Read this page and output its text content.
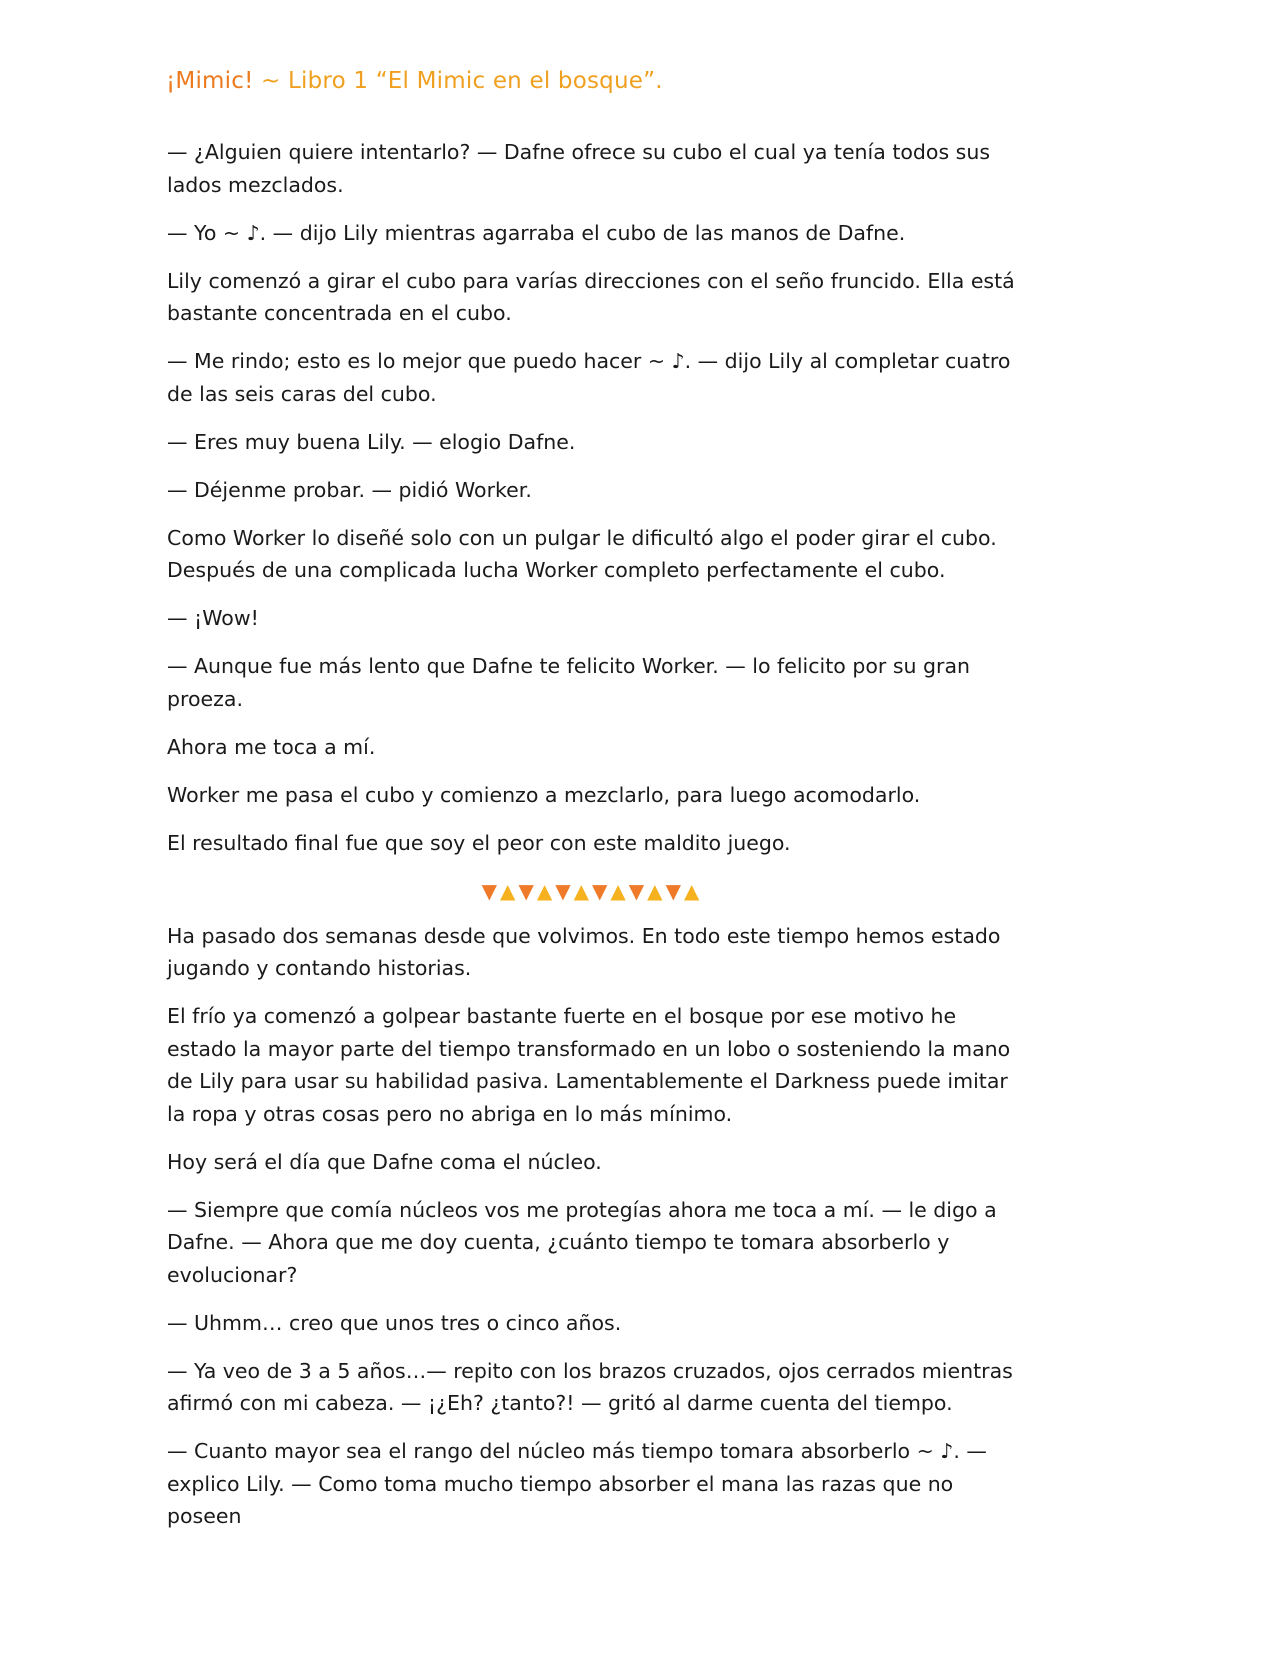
¡Mimic! ~ Libro 1 “El Mimic en el bosque”.

— ¿Alguien quiere intentarlo? — Dafne ofrece su cubo el cual ya tenía todos sus lados mezclados.

— Yo ~ ♪. — dijo Lily mientras agarraba el cubo de las manos de Dafne.

Lily comenzó a girar el cubo para varías direcciones con el seño fruncido. Ella está bastante concentrada en el cubo.

— Me rindo; esto es lo mejor que puedo hacer ~ ♪. — dijo Lily al completar cuatro de las seis caras del cubo.

— Eres muy buena Lily. — elogio Dafne.

— Déjenme probar. — pidió Worker.

Como Worker lo diseñé solo con un pulgar le dificultó algo el poder girar el cubo. Después de una complicada lucha Worker completo perfectamente el cubo.

— ¡Wow!

— Aunque fue más lento que Dafne te felicito Worker. — lo felicito por su gran proeza.

Ahora me toca a mí.

Worker me pasa el cubo y comienzo a mezclarlo, para luego acomodarlo.

El resultado final fue que soy el peor con este maldito juego.

▼▲▼▲▼▲▼▲▼▲▼▲

Ha pasado dos semanas desde que volvimos. En todo este tiempo hemos estado jugando y contando historias.

El frío ya comenzó a golpear bastante fuerte en el bosque por ese motivo he estado la mayor parte del tiempo transformado en un lobo o sosteniendo la mano de Lily para usar su habilidad pasiva. Lamentablemente el Darkness puede imitar la ropa y otras cosas pero no abriga en lo más mínimo.

Hoy será el día que Dafne coma el núcleo.

— Siempre que comía núcleos vos me protegías ahora me toca a mí. — le digo a Dafne. — Ahora que me doy cuenta, ¿cuánto tiempo te tomara absorberlo y evolucionar?

— Uhmm… creo que unos tres o cinco años.

— Ya veo de 3 a 5 años…— repito con los brazos cruzados, ojos cerrados mientras afirmó con mi cabeza. — ¡¿Eh? ¿tanto?! — gritó al darme cuenta del tiempo.

— Cuanto mayor sea el rango del núcleo más tiempo tomara absorberlo ~ ♪. — explico Lily. — Como toma mucho tiempo absorber el mana las razas que no poseen
